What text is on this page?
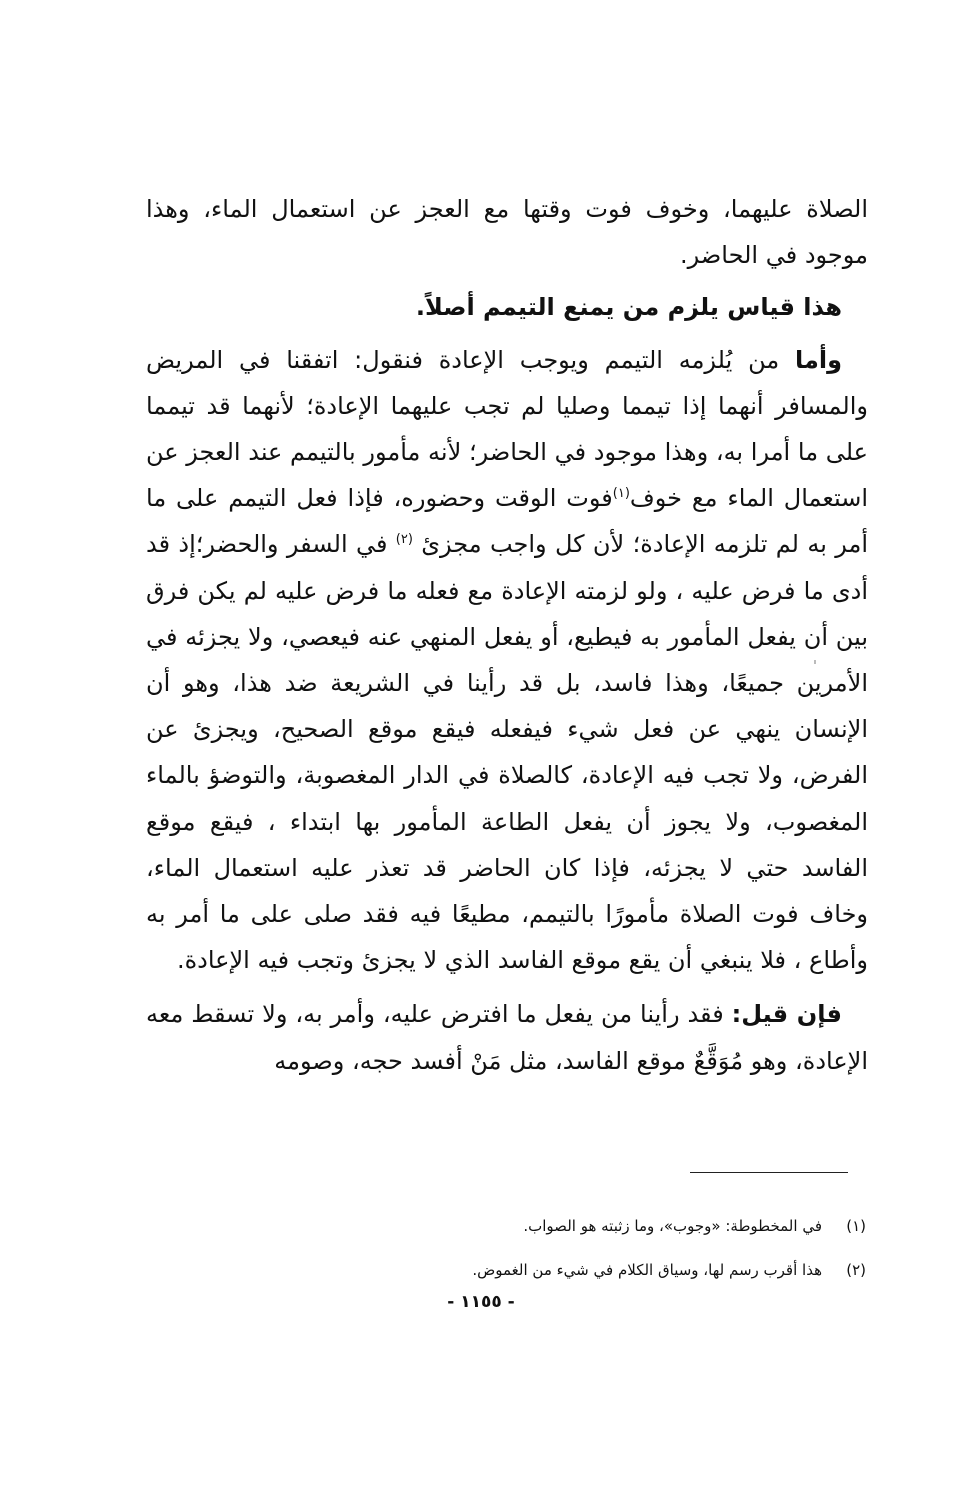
الصلاة عليهما، وخوف فوت وقتها مع العجز عن استعمال الماء، وهذا موجود في الحاضر.

هذا قياس يلزم من يمنع التيمم أصلاً.

وأما من يُلزمه التيمم ويوجب الإعادة فنقول: اتفقنا في المريض والمسافر أنهما إذا تيمما وصليا لم تجب عليهما الإعادة؛ لأنهما قد تيمما على ما أمرا به، وهذا موجود في الحاضر؛ لأنه مأمور بالتيمم عند العجز عن استعمال الماء مع خوف$^{(١)}$فوت الوقت وحضوره، فإذا فعل التيمم على ما أمر به لم تلزمه الإعادة؛ لأن كل واجب مجزئ $^{(٢)}$ في السفر والحضر؛إذ قد أدى ما فرض عليه ، ولو لزمته الإعادة مع فعله ما فرض عليه لم يكن فرق بين أن يفعل المأمور به فيطيع، أو يفعل المنهي عنه فيعصي، ولا يجزئه في الأمرين جميعًا، وهذا فاسد، بل قد رأينا في الشريعة ضد هذا، وهو أن الإنسان ينهي عن فعل شيء فيفعله فيقع موقع الصحيح، ويجزئ عن الفرض، ولا تجب فيه الإعادة، كالصلاة في الدار المغصوبة، والتوضؤ بالماء المغصوب، ولا يجوز أن يفعل الطاعة المأمور بها ابتداء ، فيقع موقع الفاسد حتي لا يجزئه، فإذا كان الحاضر قد تعذر عليه استعمال الماء، وخاف فوت الصلاة مأمورًا بالتيمم، مطيعًا فيه فقد صلى على ما أمر به وأطاع ، فلا ينبغي أن يقع موقع الفاسد الذي لا يجزئ وتجب فيه الإعادة.

فإن قيل: فقد رأينا من يفعل ما افترض عليه، وأمر به، ولا تسقط معه الإعادة، وهو مُوَقَّعٌ موقع الفاسد، مثل مَنْ أفسد حجه، وصومه

(١)في المخطوطة: «وجوب»، وما زثبته هو الصواب.

(٢)هذا أقرب رسم لها، وسياق الكلام في شيء من الغموض.

- ١١٥٥ -
